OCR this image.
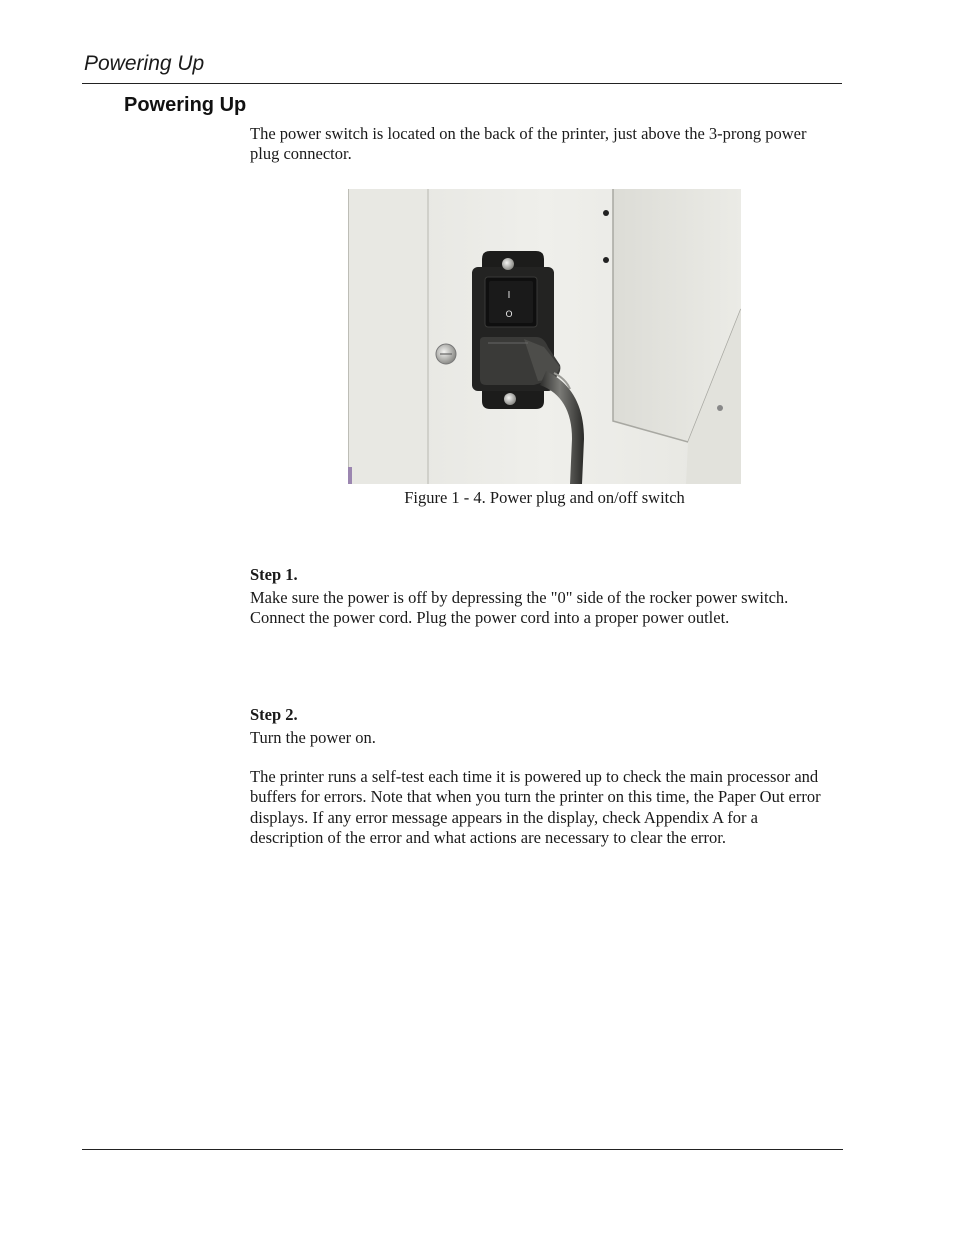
Powering Up
Powering Up

The power switch is located on the back of the printer, just above the 3-prong power plug connector.

I
O
Figure 1 - 4. Power plug and on/off switch
Step 1.

Make sure the power is off by depressing the "0" side of the rocker power switch. Connect the power cord. Plug the power cord into a proper power outlet.

Step 2.

Turn the power on.

The printer runs a self-test each time it is powered up to check the main processor and buffers for errors. Note that when you turn the printer on this time, the Paper Out error displays. If any error message appears in the display, check Appendix A for a description of the error and what actions are necessary to clear the error.
